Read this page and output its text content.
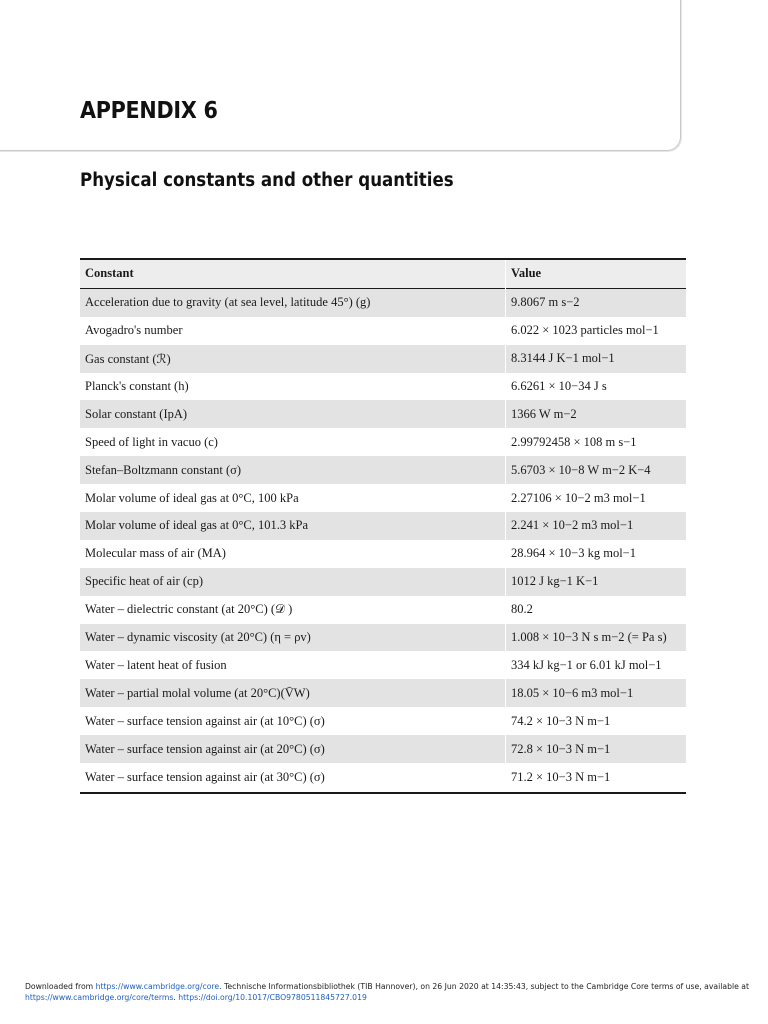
APPENDIX 6
Physical constants and other quantities
Constant	Value
Acceleration due to gravity (at sea level, latitude 45°) (g)	9.8067 m s−2
Avogadro's number	6.022 × 1023 particles mol−1
Gas constant (ℛ)	8.3144 J K−1 mol−1
Planck's constant (h)	6.6261 × 10−34 J s
Solar constant (IpA)	1366 W m−2
Speed of light in vacuo (c)	2.99792458 × 108 m s−1
Stefan–Boltzmann constant (σ)	5.6703 × 10−8 W m−2 K−4
Molar volume of ideal gas at 0°C, 100 kPa	2.27106 × 10−2 m3 mol−1
Molar volume of ideal gas at 0°C, 101.3 kPa	2.241 × 10−2 m3 mol−1
Molecular mass of air (MA)	28.964 × 10−3 kg mol−1
Specific heat of air (cp)	1012 J kg−1 K−1
Water – dielectric constant (at 20°C) (𝒟 )	80.2
Water – dynamic viscosity (at 20°C) (η = ρv)	1.008 × 10−3 N s m−2 (= Pa s)
Water – latent heat of fusion	334 kJ kg−1 or 6.01 kJ mol−1
Water – partial molal volume (at 20°C)(V̄W)	18.05 × 10−6 m3 mol−1
Water – surface tension against air (at 10°C) (σ)	74.2 × 10−3 N m−1
Water – surface tension against air (at 20°C) (σ)	72.8 × 10−3 N m−1
Water – surface tension against air (at 30°C) (σ)	71.2 × 10−3 N m−1
Downloaded from https://www.cambridge.org/core. Technische Informationsbibliothek (TIB Hannover), on 26 Jun 2020 at 14:35:43, subject to the Cambridge Core terms of use, available at https://www.cambridge.org/core/terms. https://doi.org/10.1017/CBO9780511845727.019
